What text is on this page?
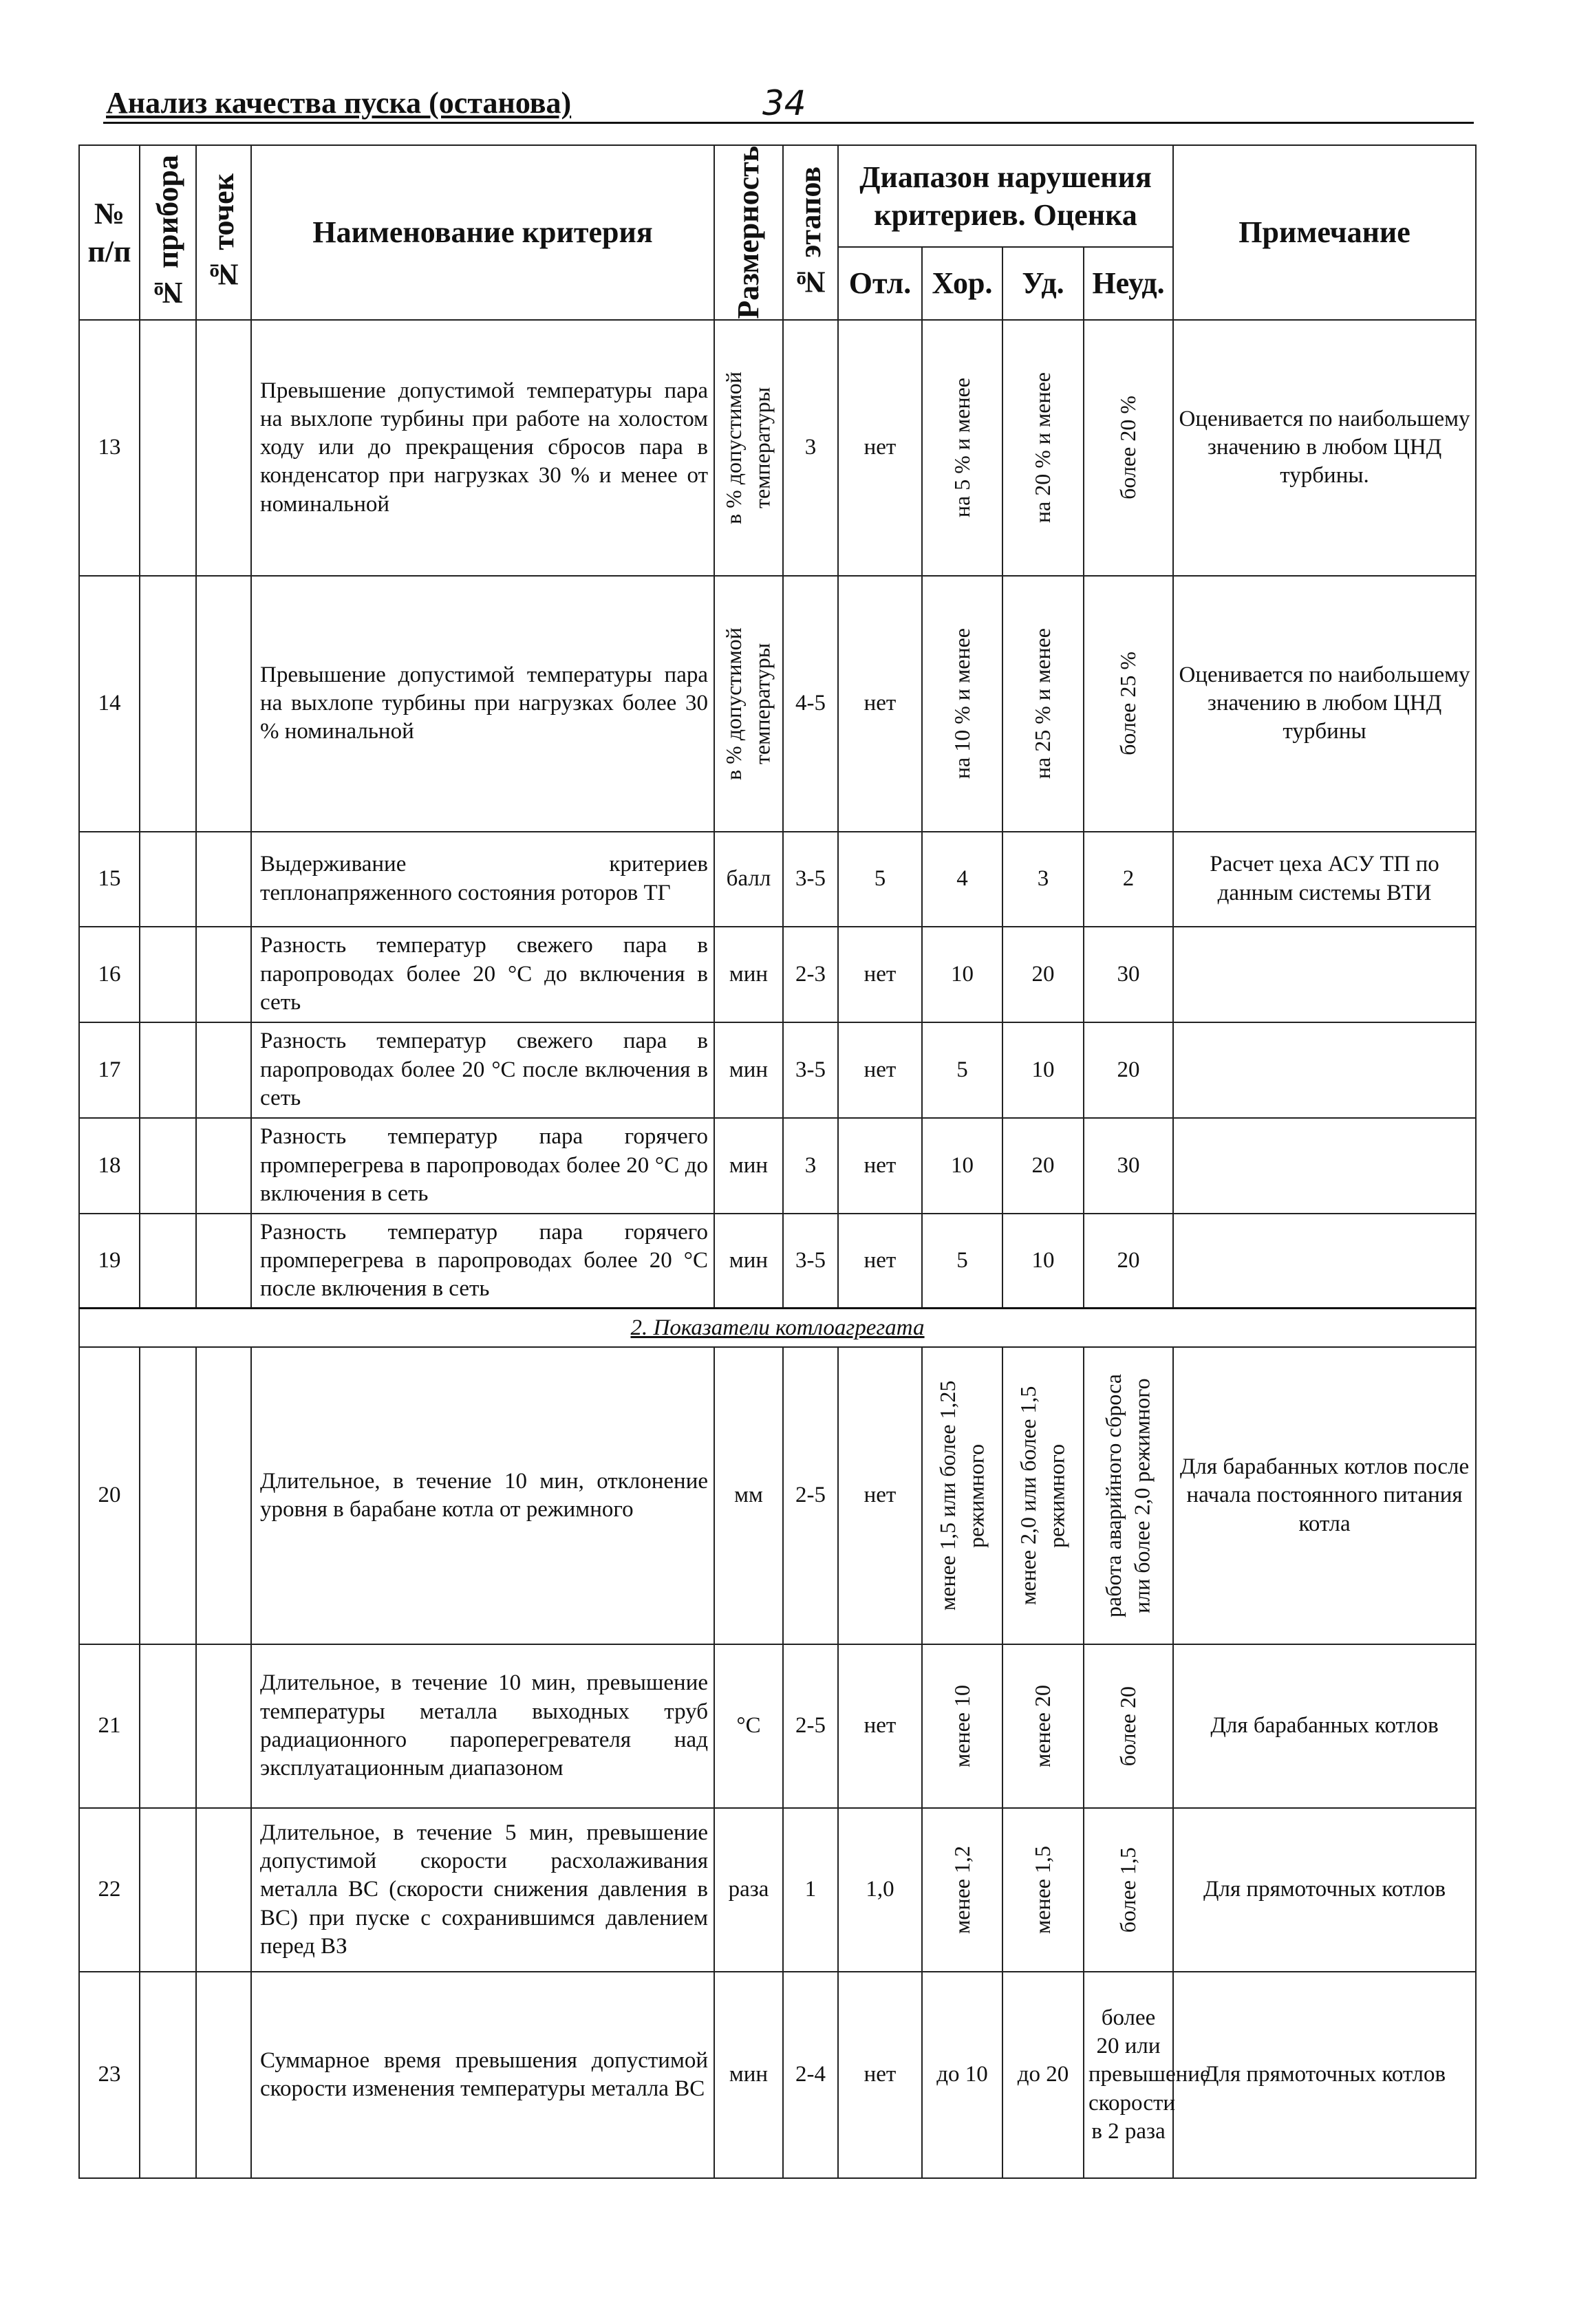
Анализ качества пуска (останова)	34
№ п/п	№ прибора	№ точек	Наименование критерия	Размерность	№ этапов	Диапазон нарушения критериев. Оценка				Примечание
						Отл.	Хор.	Уд.	Неуд.	
13			Превышение допустимой температуры пара на выхлопе турбины при работе на холостом ходу или до прекращения сбросов пара в конденсатор при нагрузках 30 % и менее от номинальной	в % допустимой температуры	3	нет	на 5 % и менее	на 20 % и менее	более 20 %	Оценивается по наибольшему значению в любом ЦНД турбины.
14			Превышение допустимой температуры пара на выхлопе турбины при нагрузках более 30 % номинальной	в % допустимой температуры	4-5	нет	на 10 % и менее	на 25 % и менее	более 25 %	Оценивается по наибольшему значению в любом ЦНД турбины
15			Выдерживание критериев теплонапряженного состояния роторов ТГ	балл	3-5	5	4	3	2	Расчет цеха АСУ ТП по данным системы ВТИ
16			Разность температур свежего пара в паропроводах более 20 °С до включения в сеть	мин	2-3	нет	10	20	30	
17			Разность температур свежего пара в паропроводах более 20 °С после включения в сеть	мин	3-5	нет	5	10	20	
18			Разность температур пара горячего промперегрева в паропроводах более 20 °С до включения в сеть	мин	3	нет	10	20	30	
19			Разность температур пара горячего промперегрева в паропроводах более 20 °С после включения в сеть	мин	3-5	нет	5	10	20	
2. Показатели котлоагрегата										
20			Длительное, в течение 10 мин, отклонение уровня в барабане котла от режимного	мм	2-5	нет	менее 1,5 или более 1,25 режимного	менее 2,0 или более 1,5 режимного	работа аварийного сброса или более 2,0 режимного	Для барабанных котлов после начала постоянного питания котла
21			Длительное, в течение 10 мин, превышение температуры металла выходных труб радиационного пароперегревателя над эксплуатационным диапазоном	°С	2-5	нет	менее 10	менее 20	более 20	Для барабанных котлов
22			Длительное, в течение 5 мин, превышение допустимой скорости расхолаживания металла ВС (скорости снижения давления в ВС) при пуске с сохранившимся давлением перед ВЗ	раза	1	1,0	менее 1,2	менее 1,5	более 1,5	Для прямоточных котлов
23			Суммарное время превышения допустимой скорости изменения температуры металла ВС	мин	2-4	нет	до 10	до 20	более 20 или превышение скорости в 2 раза	Для прямоточных котлов
